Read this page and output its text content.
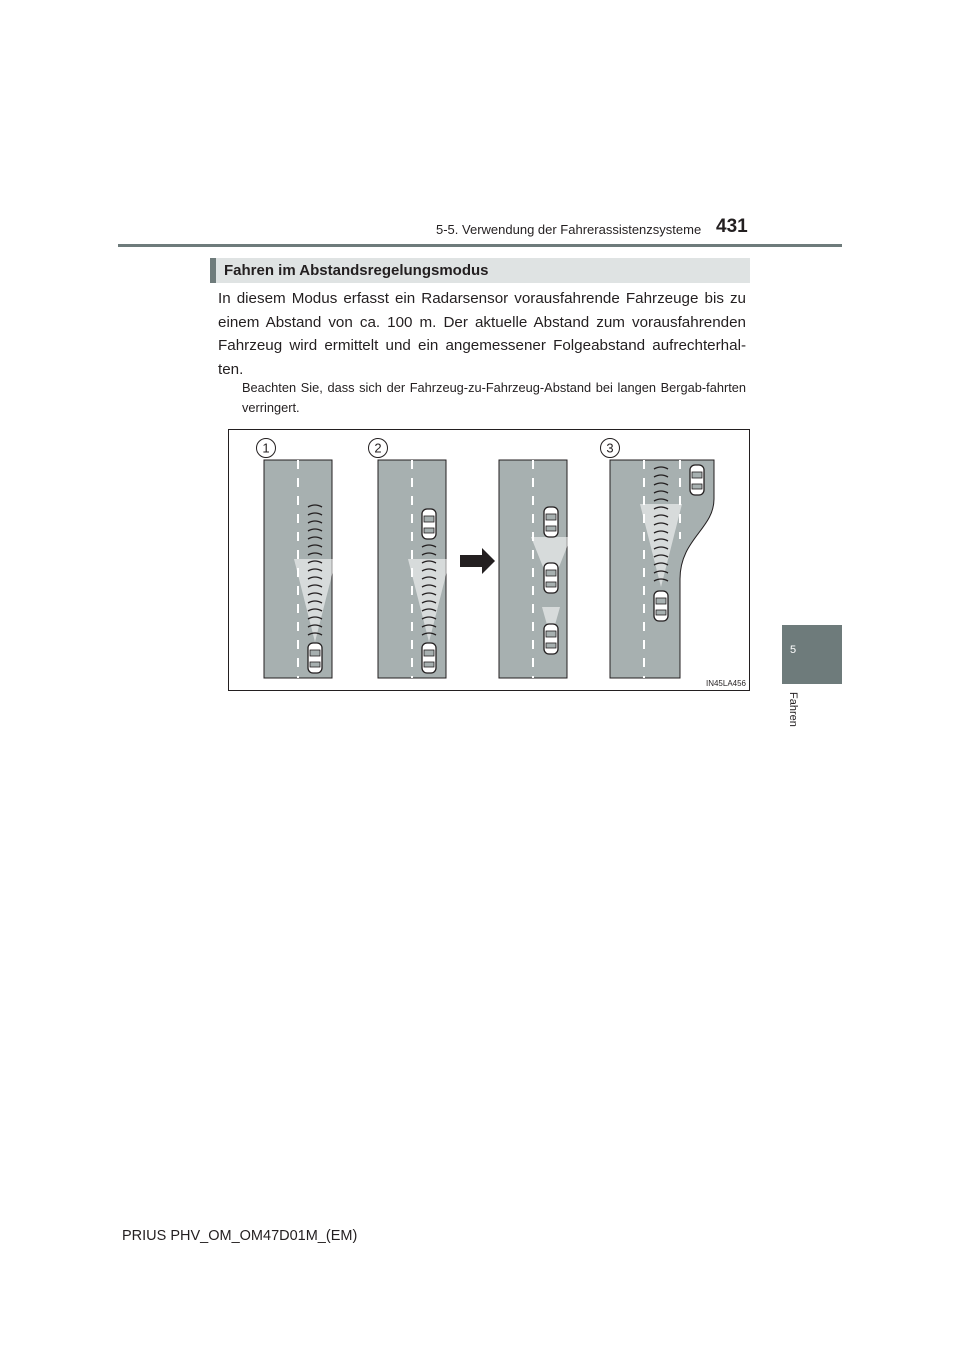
5-5. Verwendung der Fahrerassistenzsysteme 431
5
Fahren
Fahren im Abstandsregelungsmodus
In diesem Modus erfasst ein Radarsensor vorausfahrende Fahrzeuge bis zu einem Abstand von ca. 100 m. Der aktuelle Abstand zum vorausfahrenden Fahrzeug wird ermittelt und ein angemessener Folgeabstand aufrechterhal-ten.
Beachten Sie, dass sich der Fahrzeug-zu-Fahrzeug-Abstand bei langen Bergab-fahrten verringert.
1	2	3
IN45LA456
PRIUS PHV_OM_OM47D01M_(EM)
